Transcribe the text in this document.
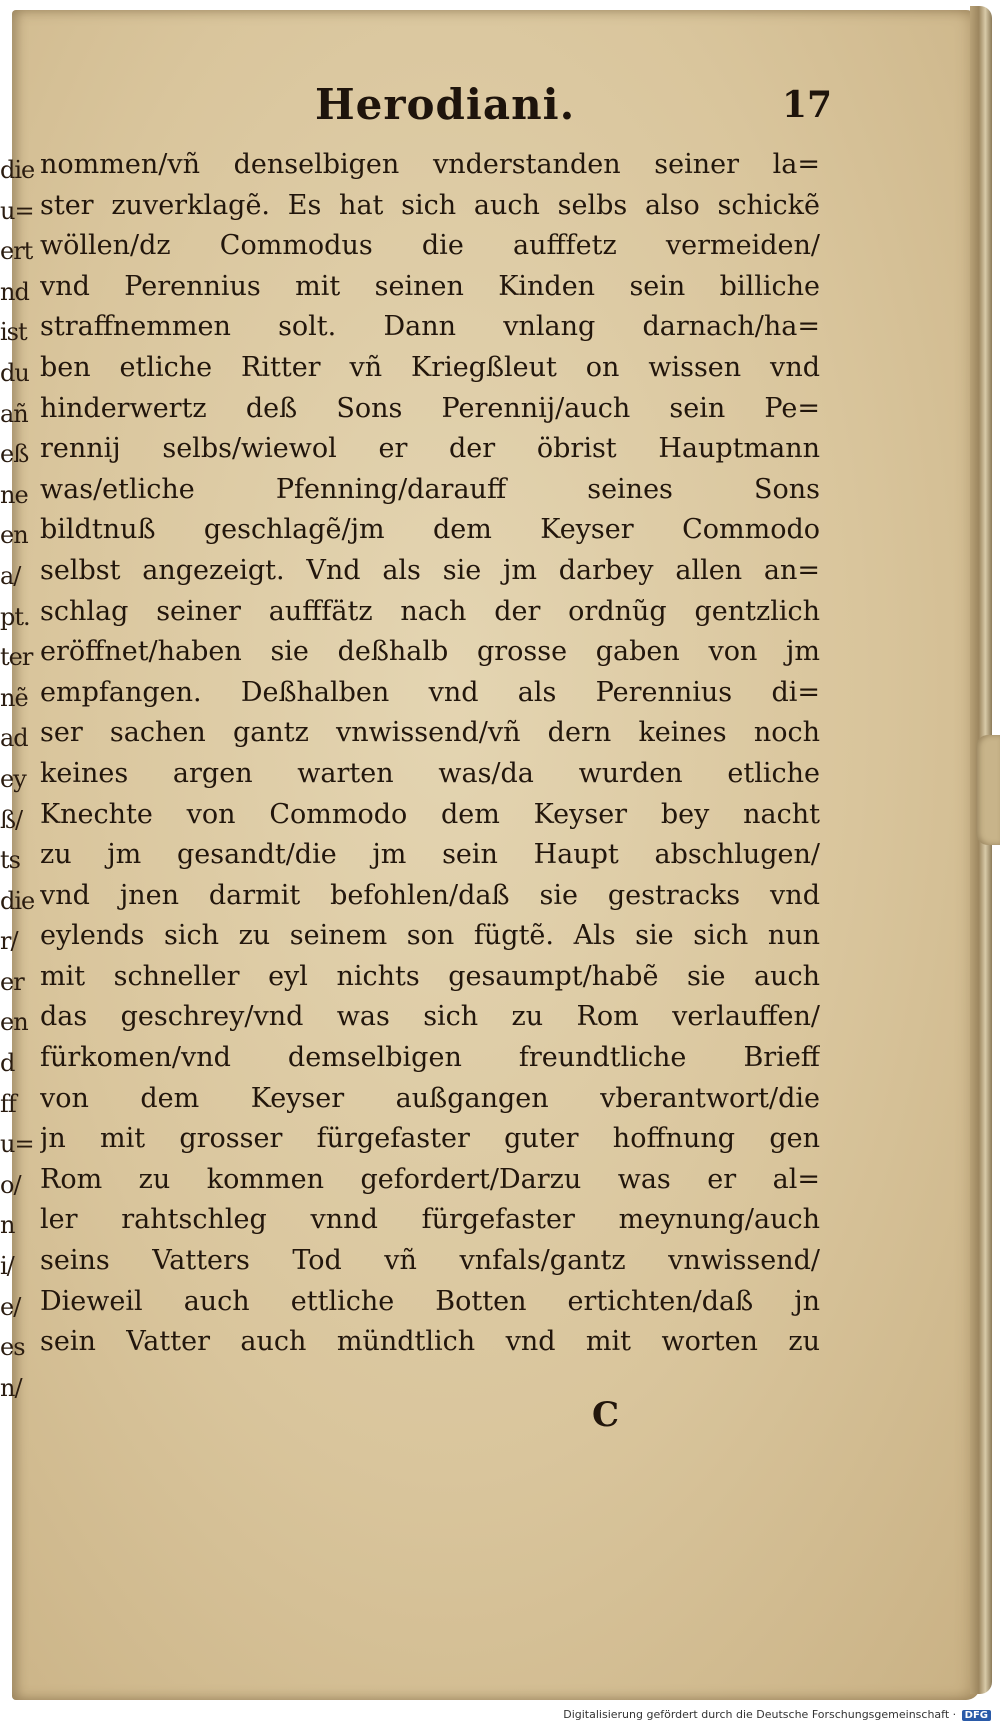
die
u=
ert
nd
ist
du
añ
eß
ne
en
a/
pt.
ter
nẽ
ad
ey
ß/
ts
die
r/
er
en
d
ff
u=
o/
n
i/
e/
es
n/
Herodiani.	17
nommen/vñ denselbigen vnderstanden seiner la=
ster zuverklagẽ. Es hat sich auch selbs also schickẽ
wöllen/dz Commodus die aufffetz vermeiden/
vnd Perennius mit seinen Kinden sein billiche
straffnemmen solt. Dann vnlang darnach/ha=
ben etliche Ritter vñ Kriegßleut on wissen vnd
hinderwertz deß Sons Perennij/auch sein Pe=
rennij selbs/wiewol er der öbrist Hauptmann
was/etliche Pfenning/darauff seines Sons
bildtnuß geschlagẽ/jm dem Keyser Commodo
selbst angezeigt. Vnd als sie jm darbey allen an=
schlag seiner aufffätz nach der ordnũg gentzlich
eröffnet/haben sie deßhalb grosse gaben von jm
empfangen. Deßhalben vnd als Perennius di=
ser sachen gantz vnwissend/vñ dern keines noch
keines argen warten was/da wurden etliche
Knechte von Commodo dem Keyser bey nacht
zu jm gesandt/die jm sein Haupt abschlugen/
vnd jnen darmit befohlen/daß sie gestracks vnd
eylends sich zu seinem son fügtẽ. Als sie sich nun
mit schneller eyl nichts gesaumpt/habẽ sie auch
das geschrey/vnd was sich zu Rom verlauffen/
fürkomen/vnd demselbigen freundtliche Brieff
von dem Keyser außgangen vberantwort/die
jn mit grosser fürgefaster guter hoffnung gen
Rom zu kommen gefordert/Darzu was er al=
ler rahtschleg vnnd fürgefaster meynung/auch
seins Vatters Tod vñ vnfals/gantz vnwissend/
Dieweil auch ettliche Botten ertichten/daß jn
sein Vatter auch mündtlich vnd mit worten zu
C
Digitalisierung gefördert durch die Deutsche Forschungsgemeinschaft · DFG
